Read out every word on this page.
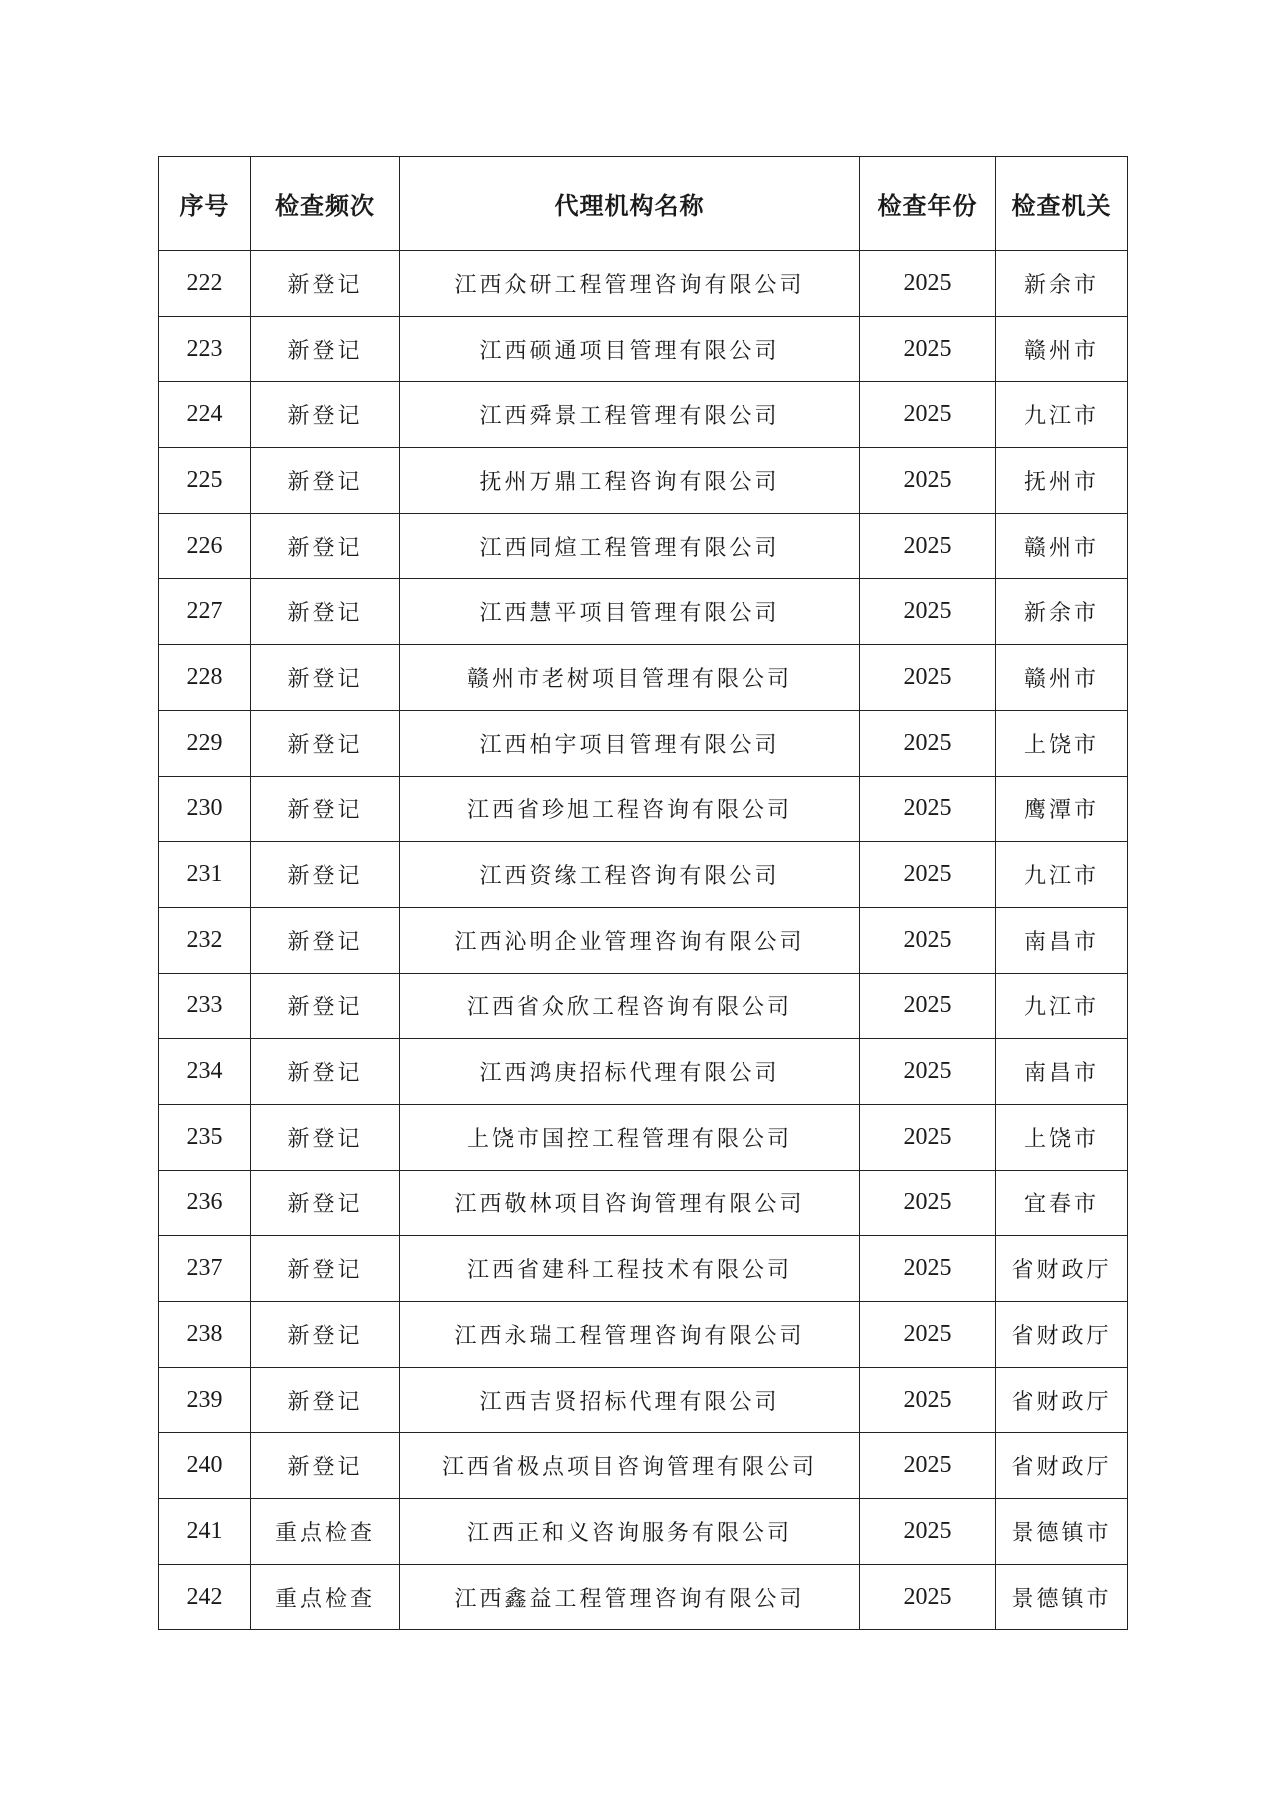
序号	检查频次	代理机构名称	检查年份	检查机关
222	新登记	江西众研工程管理咨询有限公司	2025	新余市
223	新登记	江西硕通项目管理有限公司	2025	赣州市
224	新登记	江西舜景工程管理有限公司	2025	九江市
225	新登记	抚州万鼎工程咨询有限公司	2025	抚州市
226	新登记	江西同煊工程管理有限公司	2025	赣州市
227	新登记	江西慧平项目管理有限公司	2025	新余市
228	新登记	赣州市老树项目管理有限公司	2025	赣州市
229	新登记	江西柏宇项目管理有限公司	2025	上饶市
230	新登记	江西省珍旭工程咨询有限公司	2025	鹰潭市
231	新登记	江西资缘工程咨询有限公司	2025	九江市
232	新登记	江西沁明企业管理咨询有限公司	2025	南昌市
233	新登记	江西省众欣工程咨询有限公司	2025	九江市
234	新登记	江西鸿庚招标代理有限公司	2025	南昌市
235	新登记	上饶市国控工程管理有限公司	2025	上饶市
236	新登记	江西敬林项目咨询管理有限公司	2025	宜春市
237	新登记	江西省建科工程技术有限公司	2025	省财政厅
238	新登记	江西永瑞工程管理咨询有限公司	2025	省财政厅
239	新登记	江西吉贤招标代理有限公司	2025	省财政厅
240	新登记	江西省极点项目咨询管理有限公司	2025	省财政厅
241	重点检查	江西正和义咨询服务有限公司	2025	景德镇市
242	重点检查	江西鑫益工程管理咨询有限公司	2025	景德镇市
